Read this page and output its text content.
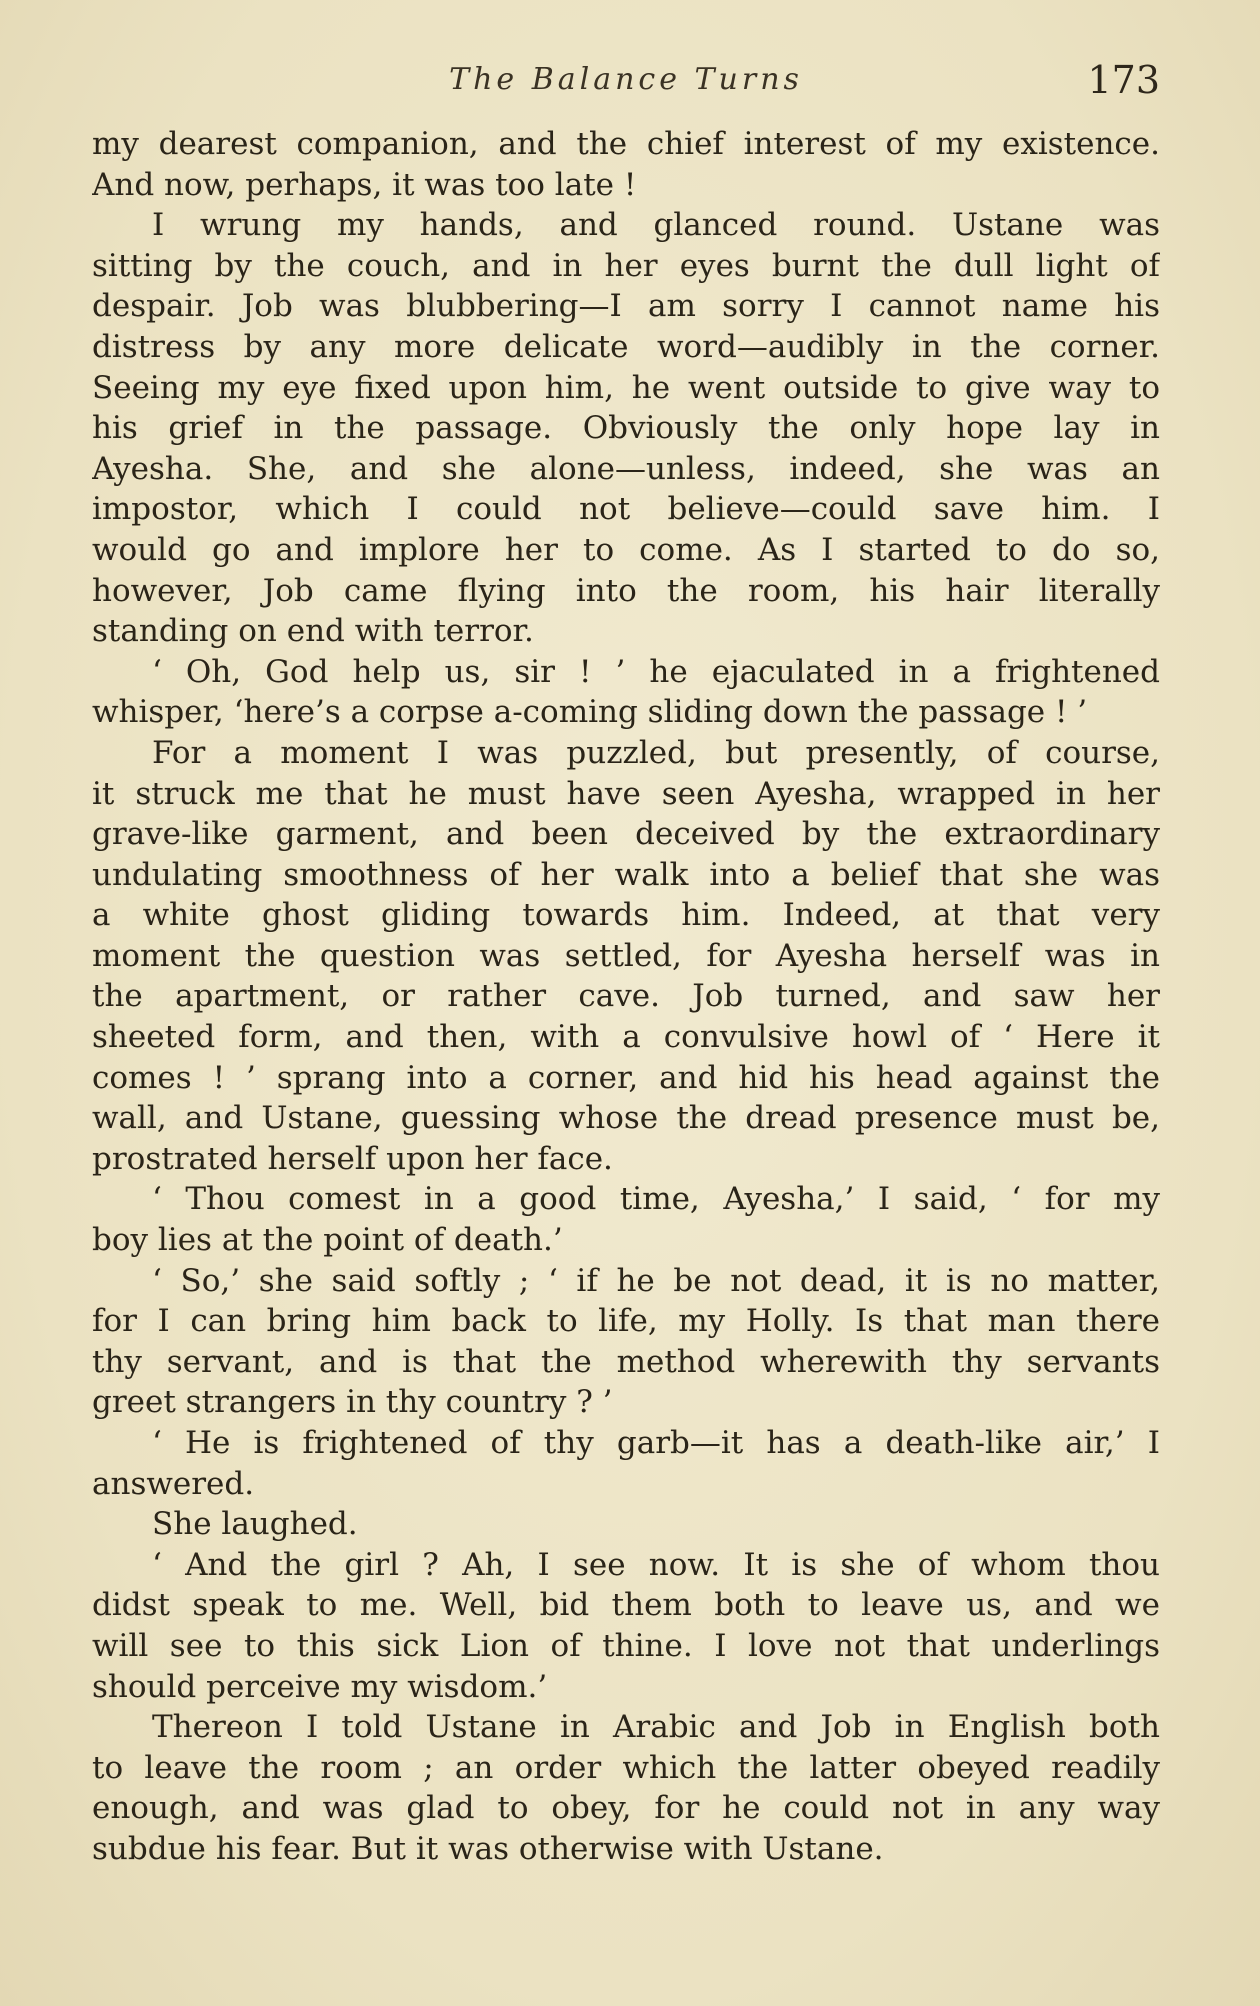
The Balance Turns	173
my dearest companion, and the chief interest of my existence.
And now, perhaps, it was too late !
I wrung my hands, and glanced round. Ustane was
sitting by the couch, and in her eyes burnt the dull light of
despair. Job was blubbering—I am sorry I cannot name his
distress by any more delicate word—audibly in the corner.
Seeing my eye fixed upon him, he went outside to give way to
his grief in the passage. Obviously the only hope lay in
Ayesha. She, and she alone—unless, indeed, she was an
impostor, which I could not believe—could save him. I
would go and implore her to come. As I started to do so,
however, Job came flying into the room, his hair literally
standing on end with terror.
‘ Oh, God help us, sir ! ’ he ejaculated in a frightened
whisper, ‘here’s a corpse a-coming sliding down the passage ! ’
For a moment I was puzzled, but presently, of course,
it struck me that he must have seen Ayesha, wrapped in her
grave-like garment, and been deceived by the extraordinary
undulating smoothness of her walk into a belief that she was
a white ghost gliding towards him. Indeed, at that very
moment the question was settled, for Ayesha herself was in
the apartment, or rather cave. Job turned, and saw her
sheeted form, and then, with a convulsive howl of ‘ Here it
comes ! ’ sprang into a corner, and hid his head against the
wall, and Ustane, guessing whose the dread presence must be,
prostrated herself upon her face.
‘ Thou comest in a good time, Ayesha,’ I said, ‘ for my
boy lies at the point of death.’
‘ So,’ she said softly ; ‘ if he be not dead, it is no matter,
for I can bring him back to life, my Holly. Is that man there
thy servant, and is that the method wherewith thy servants
greet strangers in thy country ? ’
‘ He is frightened of thy garb—it has a death-like air,’ I
answered.
She laughed.
‘ And the girl ? Ah, I see now. It is she of whom thou
didst speak to me. Well, bid them both to leave us, and we
will see to this sick Lion of thine. I love not that underlings
should perceive my wisdom.’
Thereon I told Ustane in Arabic and Job in English both
to leave the room ; an order which the latter obeyed readily
enough, and was glad to obey, for he could not in any way
subdue his fear. But it was otherwise with Ustane.
